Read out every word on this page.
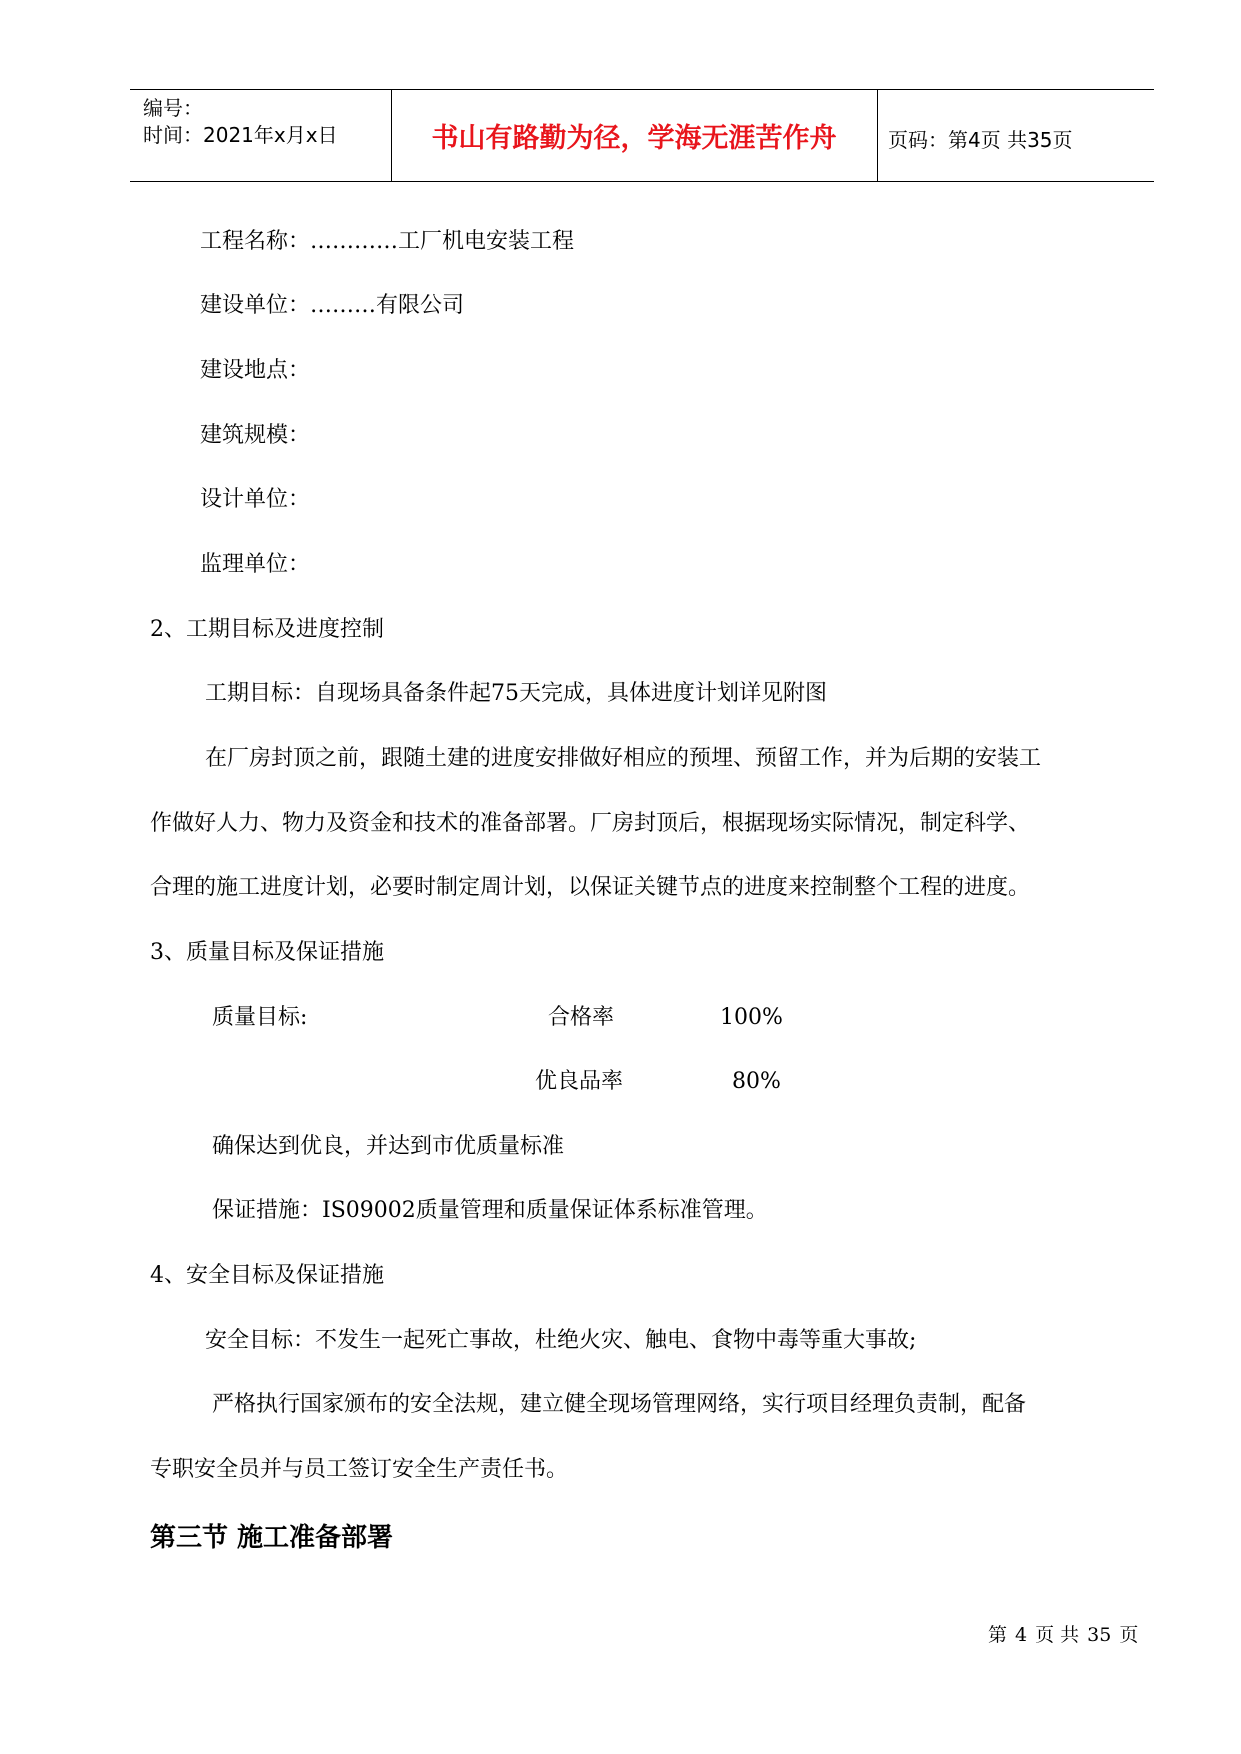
编号：
时间：2021年x月x日	书山有路勤为径，学海无涯苦作舟	页码：第4页 共35页
工程名称：…………工厂机电安装工程
建设单位：………有限公司
建设地点：
建筑规模：
设计单位：
监理单位：
2、工期目标及进度控制
工期目标：自现场具备条件起75天完成，具体进度计划详见附图
在厂房封顶之前，跟随土建的进度安排做好相应的预埋、预留工作，并为后期的安装工
作做好人力、物力及资金和技术的准备部署。厂房封顶后，根据现场实际情况，制定科学、
合理的施工进度计划，必要时制定周计划，以保证关键节点的进度来控制整个工程的进度。
3、质量目标及保证措施
质量目标:	合格率	100%
优良品率	80%
确保达到优良，并达到市优质量标准
保证措施：IS09002质量管理和质量保证体系标准管理。
4、安全目标及保证措施
安全目标：不发生一起死亡事故，杜绝火灾、触电、食物中毒等重大事故;
严格执行国家颁布的安全法规，建立健全现场管理网络，实行项目经理负责制，配备
专职安全员并与员工签订安全生产责任书。
第三节 施工准备部署
第 4 页 共 35 页
